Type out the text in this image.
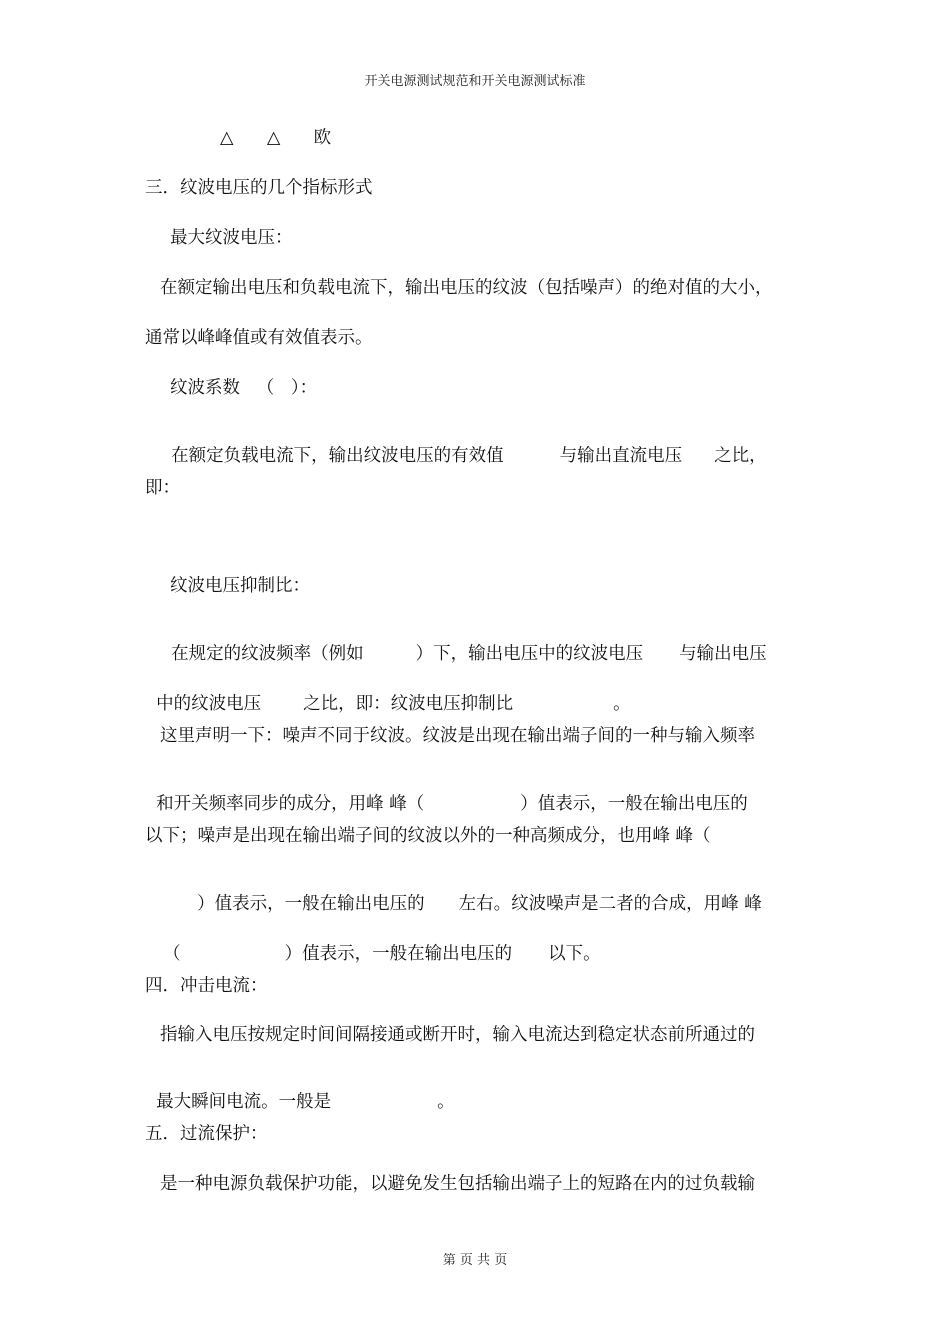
开关电源测试规范和开关电源测试标准
△      △      欧
三．纹波电压的几个指标形式
最大纹波电压：
在额定输出电压和负载电流下，输出电压的纹波（包括噪声）的绝对值的大小，
通常以峰峰值或有效值表示。
纹波系数   （   ）：

在额定负载电流下，输出纹波电压的有效值	与输出直流电压 之比，

即：
纹波电压抑制比：

在规定的纹波频率（例如	）下，输出电压中的纹波电压 与输出电压

中的纹波电压 之比，即：纹波电压抑制比	。

这里声明一下：噪声不同于纹波。纹波是出现在输出端子间的一种与输入频率

和开关频率同步的成分，用峰 峰（	）值表示，一般在输出电压的

以下；噪声是出现在输出端子间的纹波以外的一种高频成分，也用峰 峰（

）值表示，一般在输出电压的 左右。纹波噪声是二者的合成，用峰 峰

（	）值表示，一般在输出电压的 以下。

四．冲击电流：
指输入电压按规定时间间隔接通或断开时，输入电流达到稳定状态前所通过的

最大瞬间电流。一般是	。

五．过流保护：
是一种电源负载保护功能，以避免发生包括输出端子上的短路在内的过负载输
第 页 共 页
